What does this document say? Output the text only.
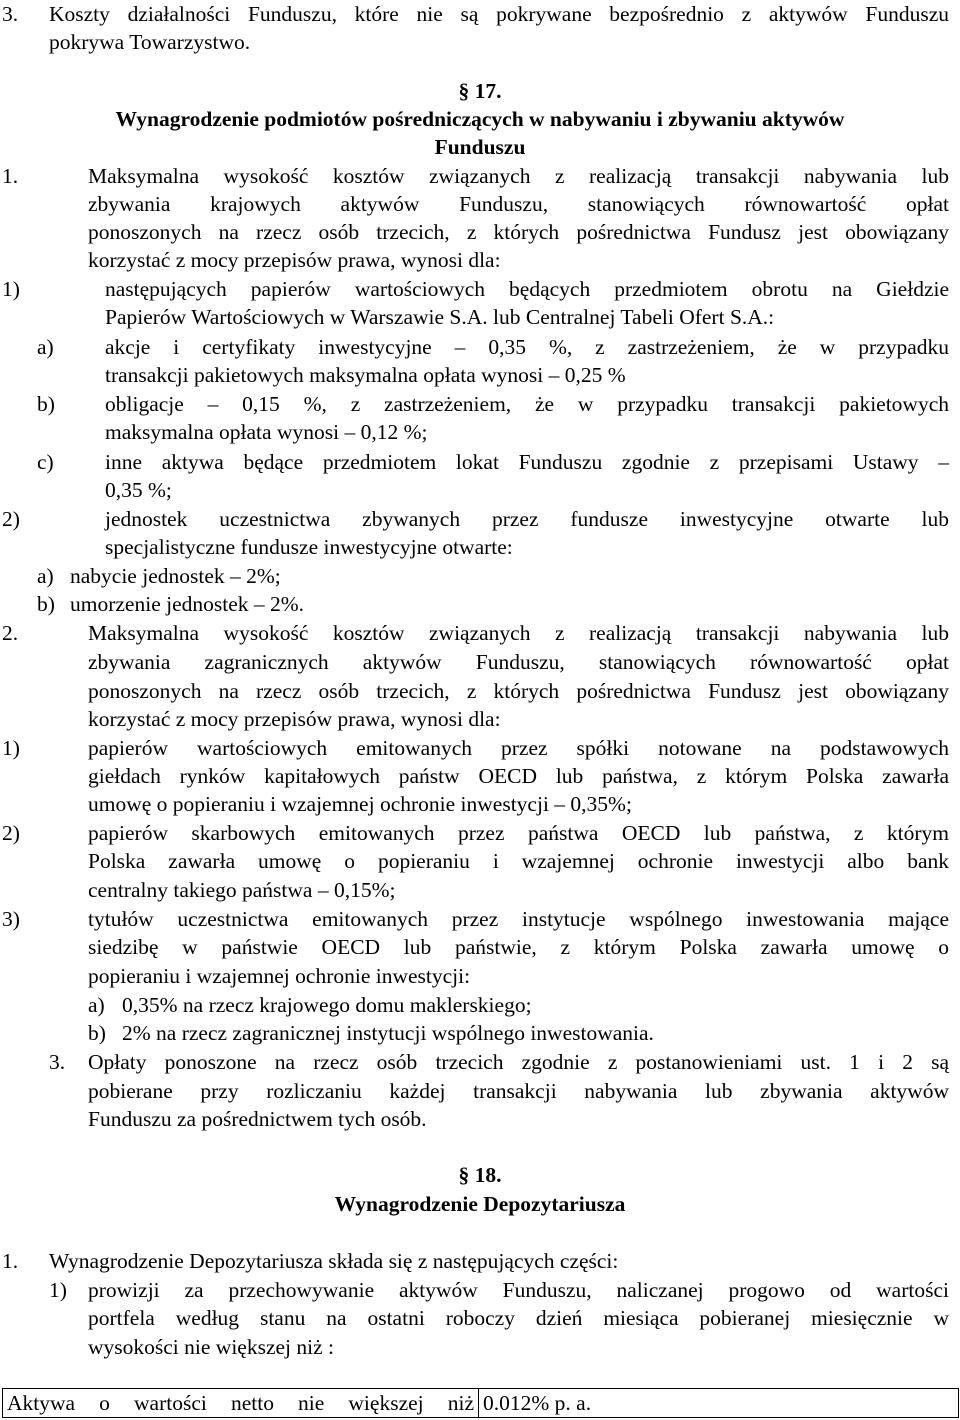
3. Koszty działalności Funduszu, które nie są pokrywane bezpośrednio z aktywów Funduszu
pokrywa Towarzystwo.
§ 17.
Wynagrodzenie podmiotów pośredniczących w nabywaniu i zbywaniu aktywów
Funduszu
1.	Maksymalna wysokość kosztów związanych z realizacją transakcji nabywania lub
zbywania krajowych aktywów Funduszu, stanowiących równowartość opłat
ponoszonych na rzecz osób trzecich, z których pośrednictwa Fundusz jest obowiązany
korzystać z mocy przepisów prawa, wynosi dla:
1)	następujących papierów wartościowych będących przedmiotem obrotu na Giełdzie
Papierów Wartościowych w Warszawie S.A. lub Centralnej Tabeli Ofert S.A.:
a) akcje i certyfikaty inwestycyjne – 0,35 %, z zastrzeżeniem, że w przypadku
transakcji pakietowych maksymalna opłata wynosi – 0,25 %
b) obligacje – 0,15 %, z zastrzeżeniem, że w przypadku transakcji pakietowych
maksymalna opłata wynosi – 0,12 %;
c) inne aktywa będące przedmiotem lokat Funduszu zgodnie z przepisami Ustawy –
0,35 %;
2)	jednostek uczestnictwa zbywanych przez fundusze inwestycyjne otwarte lub
specjalistyczne fundusze inwestycyjne otwarte:
a) nabycie jednostek – 2%;
b) umorzenie jednostek – 2%.
2.	Maksymalna wysokość kosztów związanych z realizacją transakcji nabywania lub
zbywania zagranicznych aktywów Funduszu, stanowiących równowartość opłat
ponoszonych na rzecz osób trzecich, z których pośrednictwa Fundusz jest obowiązany
korzystać z mocy przepisów prawa, wynosi dla:
1)	papierów wartościowych emitowanych przez spółki notowane na podstawowych
giełdach rynków kapitałowych państw OECD lub państwa, z którym Polska zawarła
umowę o popieraniu i wzajemnej ochronie inwestycji – 0,35%;
2)	papierów skarbowych emitowanych przez państwa OECD lub państwa, z którym
Polska zawarła umowę o popieraniu i wzajemnej ochronie inwestycji albo bank
centralny takiego państwa – 0,15%;
3)	tytułów uczestnictwa emitowanych przez instytucje wspólnego inwestowania mające
siedzibę w państwie OECD lub państwie, z którym Polska zawarła umowę o
popieraniu i wzajemnej ochronie inwestycji:
a) 0,35% na rzecz krajowego domu maklerskiego;
b) 2% na rzecz zagranicznej instytucji wspólnego inwestowania.
3. Opłaty ponoszone na rzecz osób trzecich zgodnie z postanowieniami ust. 1 i 2 są
pobierane przy rozliczaniu każdej transakcji nabywania lub zbywania aktywów
Funduszu za pośrednictwem tych osób.
§ 18.
Wynagrodzenie Depozytariusza
1. Wynagrodzenie Depozytariusza składa się z następujących części:
1) prowizji za przechowywanie aktywów Funduszu, naliczanej progowo od wartości
portfela według stanu na ostatni roboczy dzień miesiąca pobieranej miesięcznie w
wysokości nie większej niż :
Aktywa o wartości netto nie większej niż	0.012% p. a.
